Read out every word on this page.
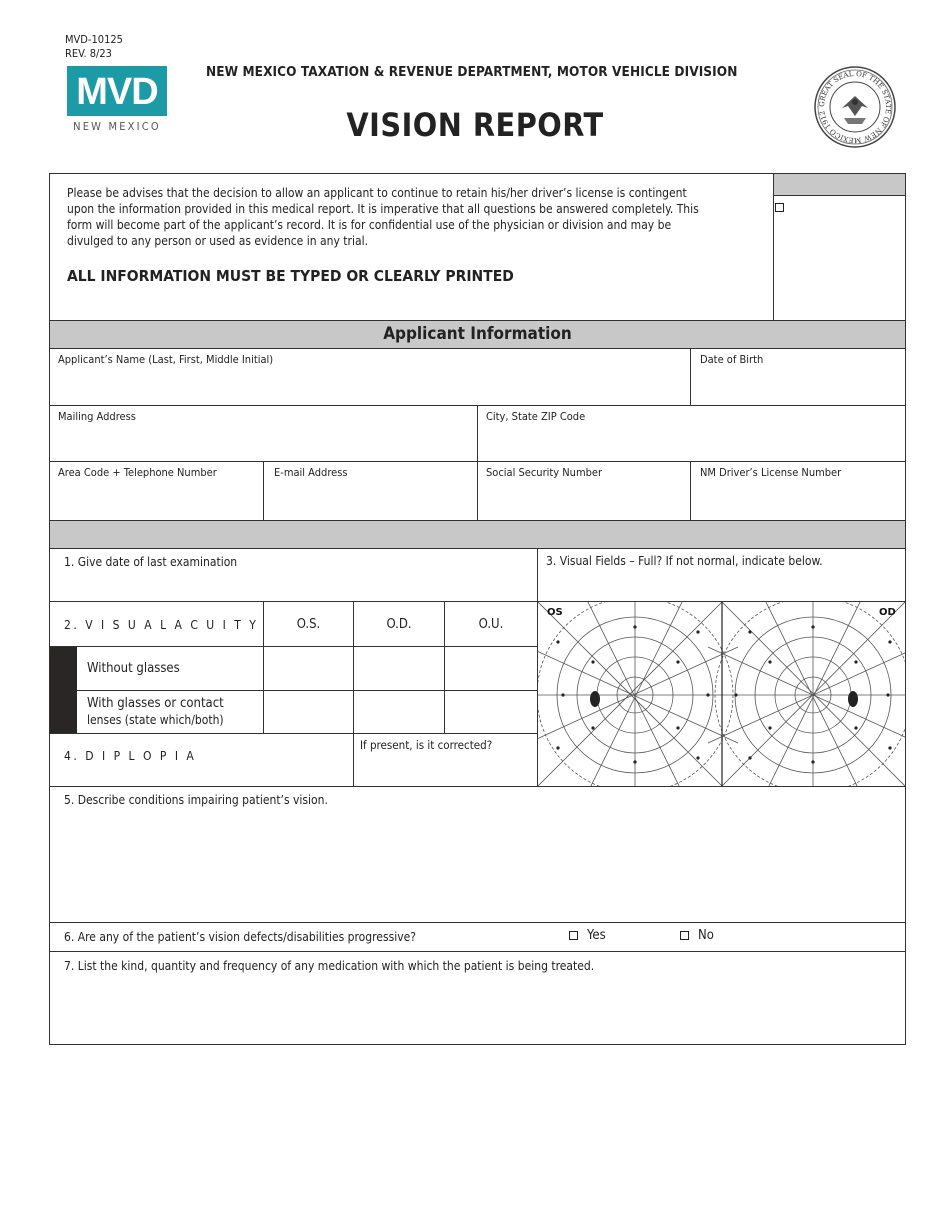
MVD-10125
REV. 8/23
MVD
NEW MEXICO
NEW MEXICO TAXATION & REVENUE DEPARTMENT, MOTOR VEHICLE DIVISION
VISION REPORT
GREAT SEAL OF THE STATE OF NEW MEXICO 1912
Please be advises that the decision to allow an applicant to continue to retain his/her driver’s license is contingent
upon the information provided in this medical report. It is imperative that all questions be answered completely. This
form will become part of the applicant’s record. It is for confidential use of the physician or division and may be
divulged to any person or used as evidence in any trial.
ALL INFORMATION MUST BE TYPED OR CLEARLY PRINTED
Applicant Information
Applicant’s Name (Last, First, Middle Initial)	Date of Birth
Mailing Address	City, State ZIP Code
Area Code + Telephone Number	E-mail Address	Social Security Number	NM Driver’s License Number
1. Give date of last examination	3. Visual Fields – Full? If not normal, indicate below.
2. V I S U A L A C U I T Y	O.S.	O.D.	O.U.
Without glasses
With glasses or contact
lenses (state which/both)
4. D I P L O P I A
If present, is it corrected?
OS	OD
5. Describe conditions impairing patient’s vision.
6. Are any of the patient’s vision defects/disabilities progressive?	Yes	No
7. List the kind, quantity and frequency of any medication with which the patient is being treated.
